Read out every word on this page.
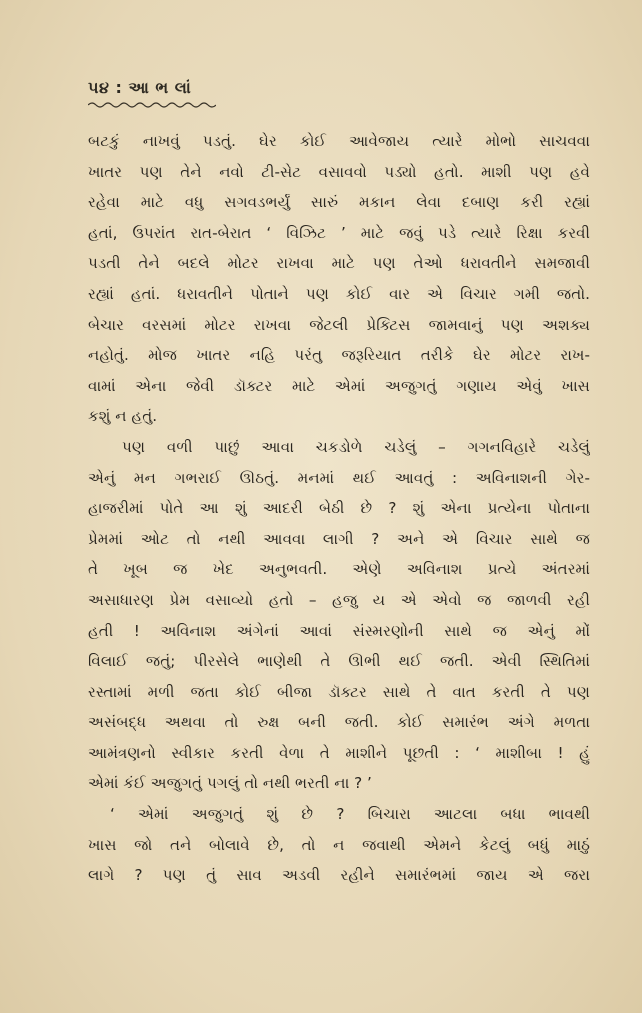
૫૪ : આ ભ લાં
બટકું નાખવું પડતું. ઘેર કોઈ આવેજાય ત્યારે મોભો સાચવવા
ખાતર પણ તેને નવો ટી-સેટ વસાવવો પડ્યો હતો. માશી પણ હવે
રહેવા માટે વધુ સગવડભર્યું સારું મકાન લેવા દબાણ કરી રહ્યાં
હતાં, ઉપરાંત રાત-બેરાત ‘ વિઝિટ ’ માટે જવું પડે ત્યારે રિક્ષા કરવી
પડતી તેને બદલે મોટર રાખવા માટે પણ તેઓ ધરાવતીને સમજાવી
રહ્યાં હતાં. ધરાવતીને પોતાને પણ કોઈ વાર એ વિચાર ગમી જતો.
બેચાર વરસમાં મોટર રાખવા જેટલી પ્રેક્ટિસ જામવાનું પણ અશક્ય
નહોતું. મોજ ખાતર નહિ પરંતુ જરૂરિયાત તરીકે ઘેર મોટર રાખ-
વામાં એના જેવી ડૉક્ટર માટે એમાં અજુગતું ગણાય એવું ખાસ
કશું ન હતું.
પણ વળી પાછું આવા ચકડોળે ચડેલું – ગગનવિહારે ચડેલું
એનું મન ગભરાઈ ઊઠતું. મનમાં થઈ આવતું : અવિનાશની ગેર-
હાજરીમાં પોતે આ શું આદરી બેઠી છે ? શું એના પ્રત્યેના પોતાના
પ્રેમમાં ઓટ તો નથી આવવા લાગી ? અને એ વિચાર સાથે જ
તે ખૂબ જ ખેદ અનુભવતી. એણે અવિનાશ પ્રત્યે અંતરમાં
અસાધારણ પ્રેમ વસાવ્યો હતો – હજુ ય એ એવો જ જાળવી રહી
હતી ! અવિનાશ અંગેનાં આવાં સંસ્મરણોની સાથે જ એનું મોં
વિલાઈ જતું; પીરસેલે ભાણેથી તે ઊભી થઈ જતી. એવી સ્થિતિમાં
રસ્તામાં મળી જતા કોઈ બીજા ડૉક્ટર સાથે તે વાત કરતી તે પણ
અસંબદ્ધ અથવા તો રુક્ષ બની જતી. કોઈ સમારંભ અંગે મળતા
આમંત્રણનો સ્વીકાર કરતી વેળા તે માશીને પૂછતી : ‘ માશીબા ! હું
એમાં કંઈ અજુગતું પગલું તો નથી ભરતી ના ? ’
‘ એમાં અજુગતું શું છે ? બિચારા આટલા બધા ભાવથી
ખાસ જો તને બોલાવે છે, તો ન જવાથી એમને કેટલું બધું માઠું
લાગે ? પણ તું સાવ અડવી રહીને સમારંભમાં જાય એ જરા
